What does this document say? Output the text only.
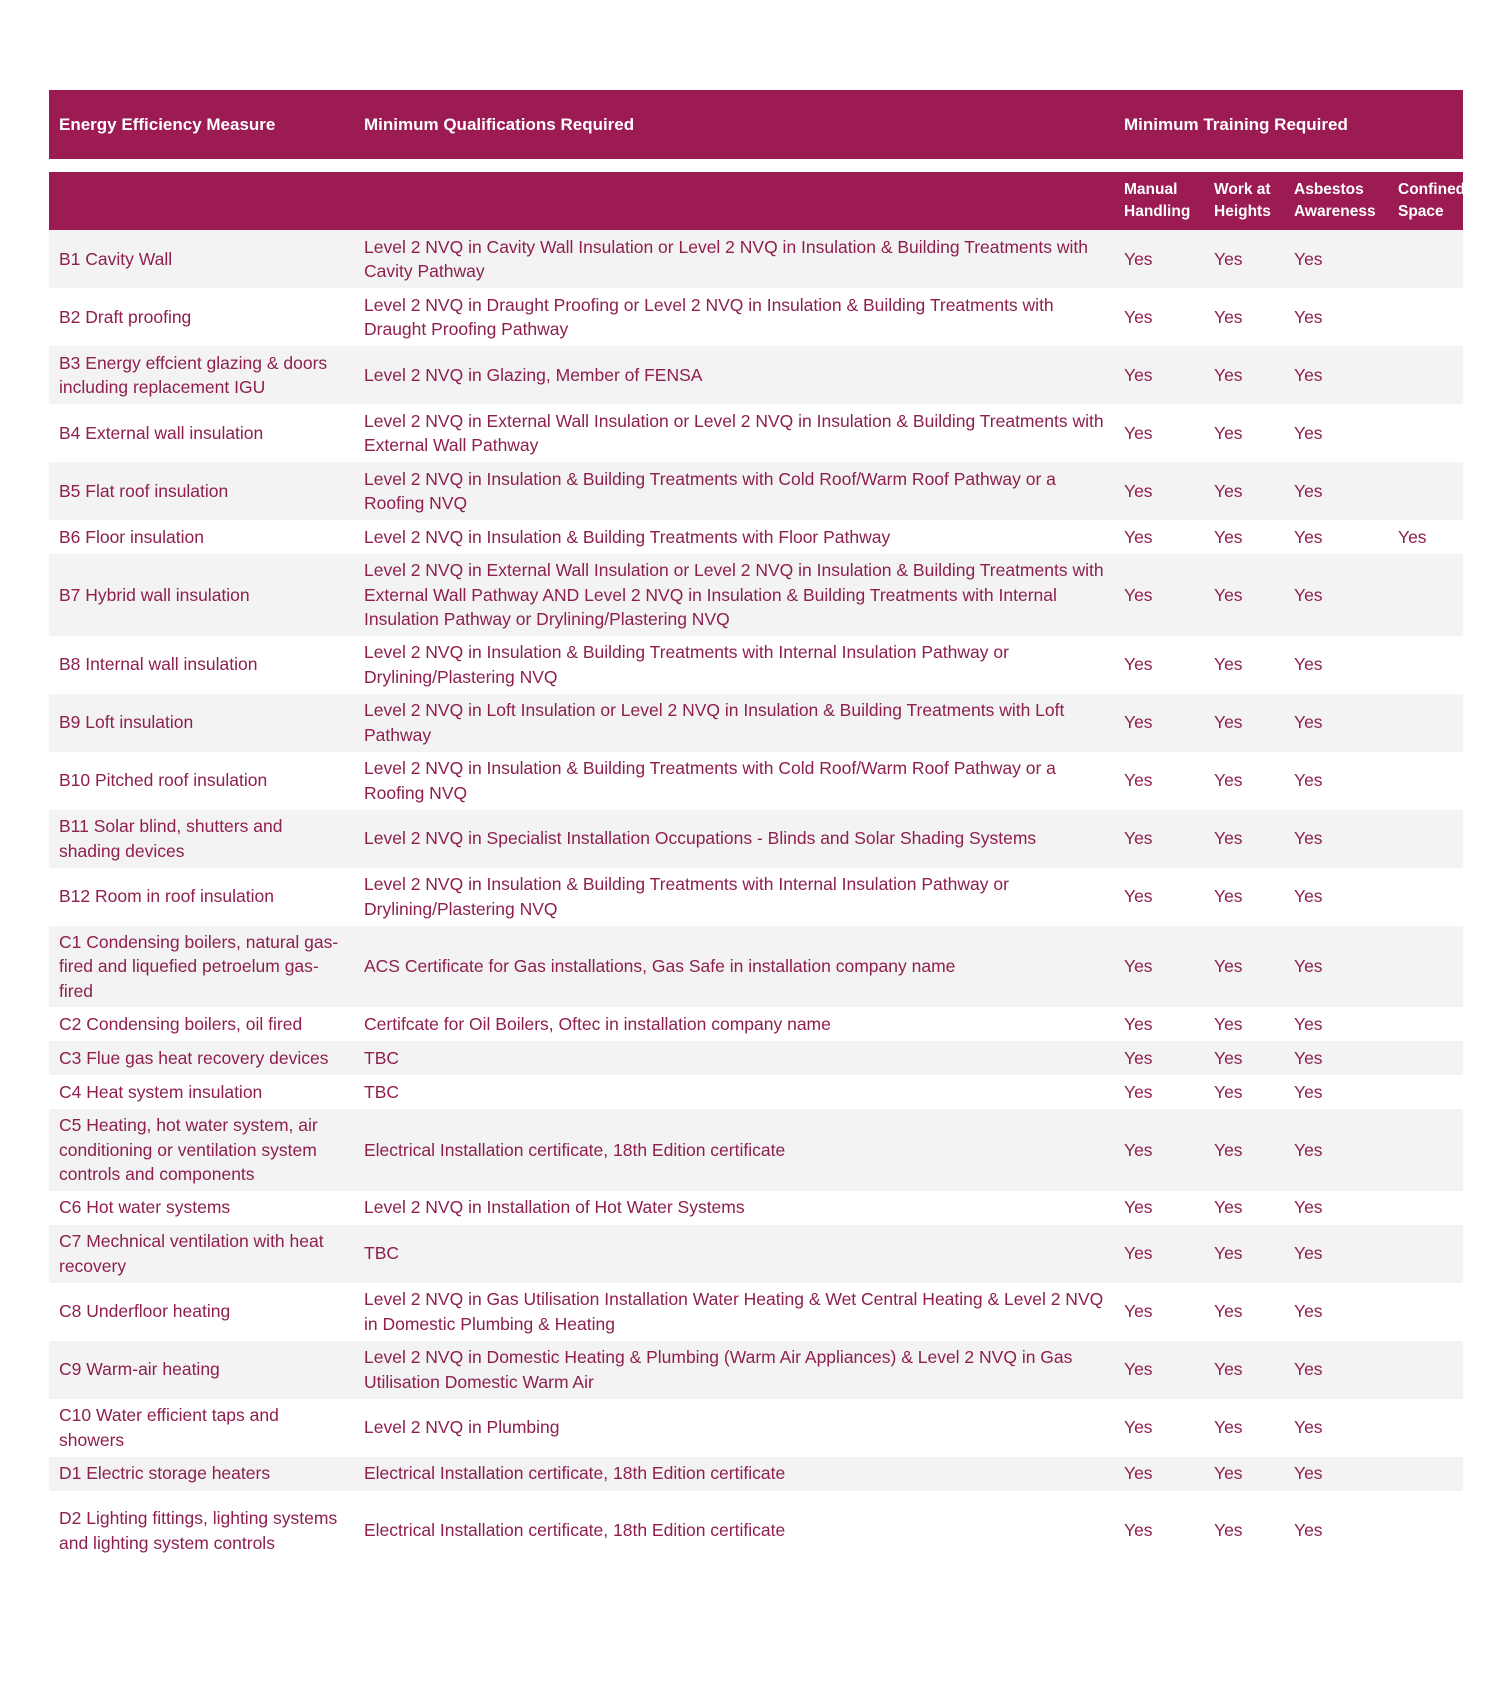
Energy Efficiency Measure	Minimum Qualifications Required	Minimum Training Required			

		Manual Handling	Work at Heights	Asbestos Awareness	Confined Space
B1 Cavity Wall	Level 2 NVQ in Cavity Wall Insulation or Level 2 NVQ in Insulation & Building Treatments with Cavity Pathway	Yes	Yes	Yes	
B2 Draft proofing	Level 2 NVQ in Draught Proofing or Level 2 NVQ in Insulation & Building Treatments with Draught Proofing Pathway	Yes	Yes	Yes	
B3 Energy effcient glazing & doors including replacement IGU	Level 2 NVQ in Glazing, Member of FENSA	Yes	Yes	Yes	
B4 External wall insulation	Level 2 NVQ in External Wall Insulation or Level 2 NVQ in Insulation & Building Treatments with External Wall Pathway	Yes	Yes	Yes	
B5 Flat roof insulation	Level 2 NVQ in Insulation & Building Treatments with Cold Roof/Warm Roof Pathway or a Roofing NVQ	Yes	Yes	Yes	
B6 Floor insulation	Level 2 NVQ in Insulation & Building Treatments with Floor Pathway	Yes	Yes	Yes	Yes
B7 Hybrid wall insulation	Level 2 NVQ in External Wall Insulation or Level 2 NVQ in Insulation & Building Treatments with External Wall Pathway AND Level 2 NVQ in Insulation & Building Treatments with Internal Insulation Pathway or Drylining/Plastering NVQ	Yes	Yes	Yes	
B8 Internal wall insulation	Level 2 NVQ in Insulation & Building Treatments with Internal Insulation Pathway or Drylining/Plastering NVQ	Yes	Yes	Yes	
B9 Loft insulation	Level 2 NVQ in Loft Insulation or Level 2 NVQ in Insulation & Building Treatments with Loft Pathway	Yes	Yes	Yes	
B10 Pitched roof insulation	Level 2 NVQ in Insulation & Building Treatments with Cold Roof/Warm Roof Pathway or a Roofing NVQ	Yes	Yes	Yes	
B11 Solar blind, shutters and shading devices	Level 2 NVQ in Specialist Installation Occupations - Blinds and Solar Shading Systems	Yes	Yes	Yes	
B12 Room in roof insulation	Level 2 NVQ in Insulation & Building Treatments with Internal Insulation Pathway or Drylining/Plastering NVQ	Yes	Yes	Yes	
C1 Condensing boilers, natural gas-fired and liquefied petroelum gas-fired	ACS Certificate for Gas installations, Gas Safe in installation company name	Yes	Yes	Yes	
C2 Condensing boilers, oil fired	Certifcate for Oil Boilers, Oftec in installation company name	Yes	Yes	Yes	
C3 Flue gas heat recovery devices	TBC	Yes	Yes	Yes	
C4 Heat system insulation	TBC	Yes	Yes	Yes	
C5 Heating, hot water system, air conditioning or ventilation system controls and components	Electrical Installation certificate, 18th Edition certificate	Yes	Yes	Yes	
C6 Hot water systems	Level 2 NVQ in Installation of Hot Water Systems	Yes	Yes	Yes	
C7 Mechnical ventilation with heat recovery	TBC	Yes	Yes	Yes	
C8 Underfloor heating	Level 2 NVQ in Gas Utilisation Installation Water Heating & Wet Central Heating & Level 2 NVQ in Domestic Plumbing & Heating	Yes	Yes	Yes	
C9 Warm-air heating	Level 2 NVQ in Domestic Heating & Plumbing (Warm Air Appliances) & Level 2 NVQ in Gas Utilisation Domestic Warm Air	Yes	Yes	Yes	
C10 Water efficient taps and showers	Level 2 NVQ in Plumbing	Yes	Yes	Yes	
D1 Electric storage heaters	Electrical Installation certificate, 18th Edition certificate	Yes	Yes	Yes	
D2 Lighting fittings, lighting systems and lighting system controls	Electrical Installation certificate, 18th Edition certificate	Yes	Yes	Yes	
